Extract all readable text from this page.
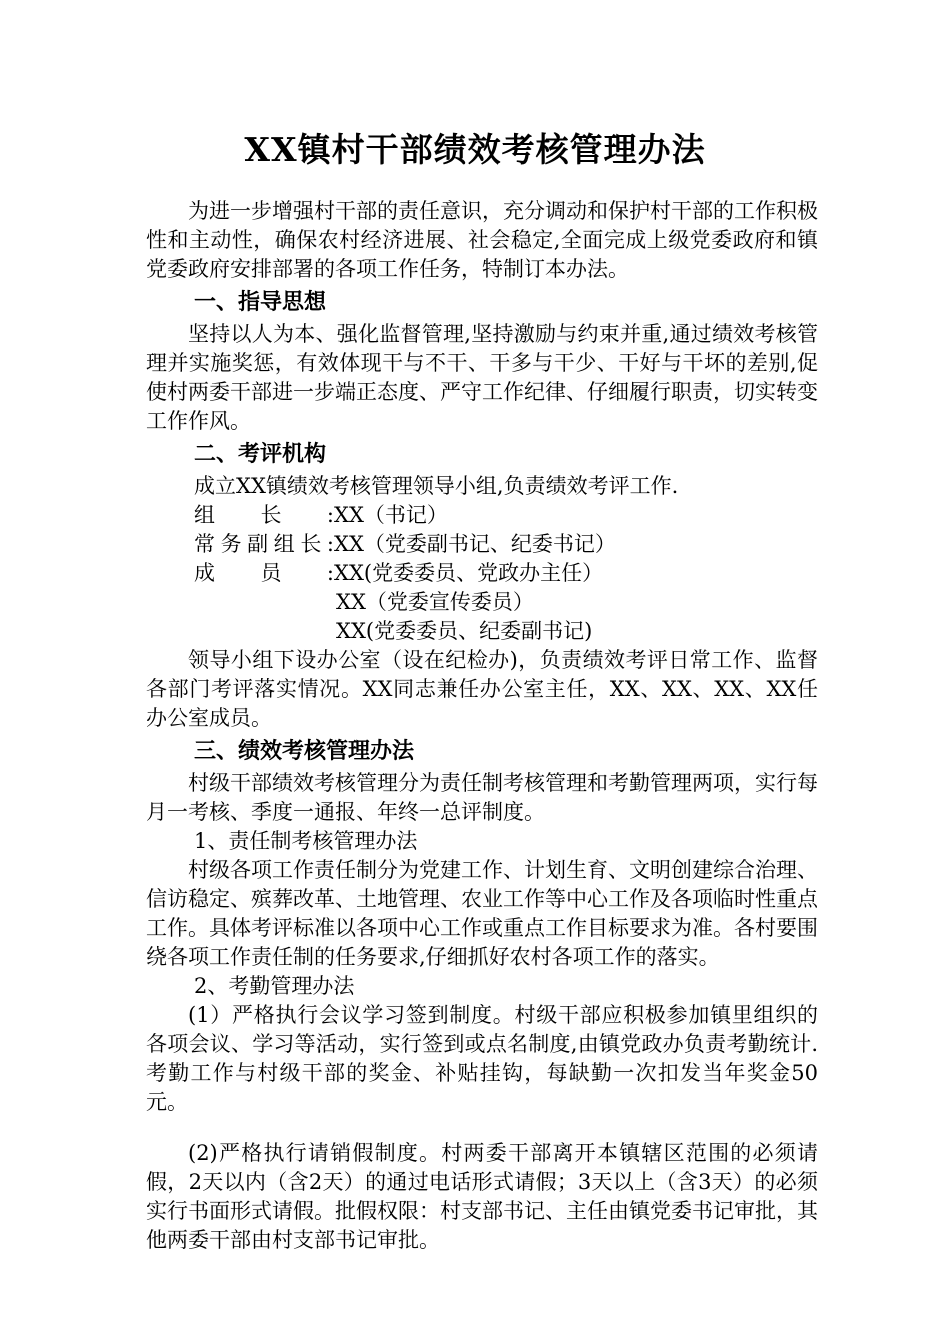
XX镇村干部绩效考核管理办法

为进一步增强村干部的责任意识，充分调动和保护村干部的工作积极性和主动性，确保农村经济进展、社会稳定,全面完成上级党委政府和镇党委政府安排部署的各项工作任务，特制订本办法。

一、指导思想

坚持以人为本、强化监督管理,坚持激励与约束并重,通过绩效考核管理并实施奖惩，有效体现干与不干、干多与干少、干好与干坏的差别,促使村两委干部进一步端正态度、严守工作纪律、仔细履行职责，切实转变工作作风。

二、考评机构

成立XX镇绩效考核管理领导小组,负责绩效考评工作.

组长: XX（书记）
常务副组长: XX（党委副书记、纪委书记）
成员: XX(党委委员、党政办主任）

XX（党委宣传委员）

XX(党委委员、纪委副书记)

领导小组下设办公室（设在纪检办)，负责绩效考评日常工作、监督各部门考评落实情况。XX同志兼任办公室主任，XX、XX、XX、XX任办公室成员。

三、绩效考核管理办法

村级干部绩效考核管理分为责任制考核管理和考勤管理两项，实行每月一考核、季度一通报、年终一总评制度。

1、责任制考核管理办法

村级各项工作责任制分为党建工作、计划生育、文明创建综合治理、信访稳定、殡葬改革、土地管理、农业工作等中心工作及各项临时性重点工作。具体考评标准以各项中心工作或重点工作目标要求为准。各村要围绕各项工作责任制的任务要求,仔细抓好农村各项工作的落实。

2、考勤管理办法

(1）严格执行会议学习签到制度。村级干部应积极参加镇里组织的各项会议、学习等活动，实行签到或点名制度,由镇党政办负责考勤统计.考勤工作与村级干部的奖金、补贴挂钩，每缺勤一次扣发当年奖金50元。

(2)严格执行请销假制度。村两委干部离开本镇辖区范围的必须请假，2天以内（含2天）的通过电话形式请假；3天以上（含3天）的必须实行书面形式请假。批假权限：村支部书记、主任由镇党委书记审批，其他两委干部由村支部书记审批。
